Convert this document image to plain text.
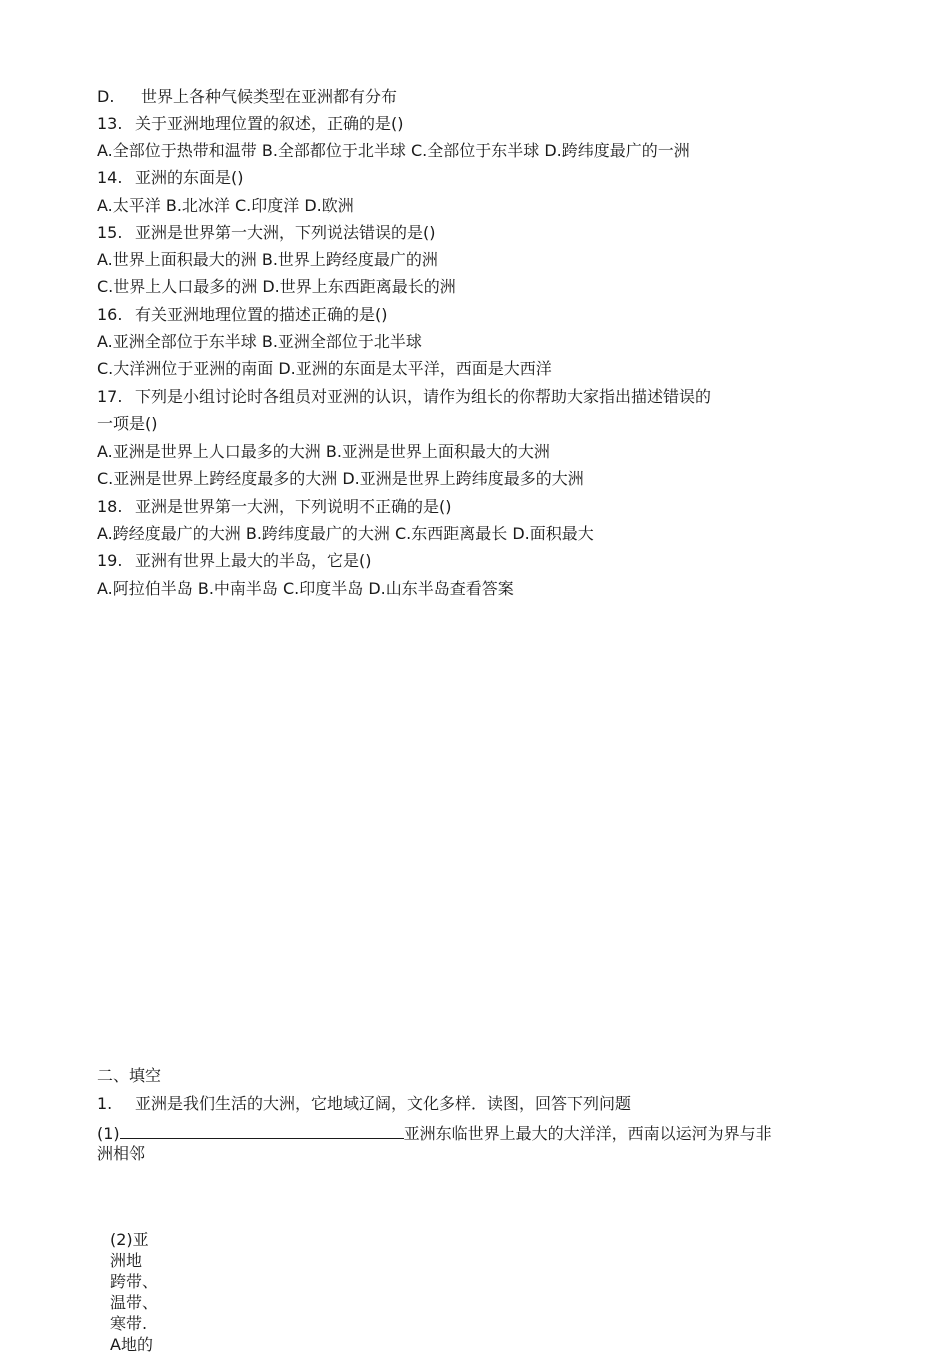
D. 世界上各种气候类型在亚洲都有分布
13. 关于亚洲地理位置的叙述，正确的是()
A.全部位于热带和温带 B.全部都位于北半球 C.全部位于东半球 D.跨纬度最广的一洲
14. 亚洲的东面是()
A.太平洋 B.北冰洋 C.印度洋 D.欧洲
15. 亚洲是世界第一大洲，下列说法错误的是()
A.世界上面积最大的洲 B.世界上跨经度最广的洲
C.世界上人口最多的洲 D.世界上东西距离最长的洲
16. 有关亚洲地理位置的描述正确的是()
A.亚洲全部位于东半球 B.亚洲全部位于北半球
C.大洋洲位于亚洲的南面 D.亚洲的东面是太平洋，西面是大西洋
17. 下列是小组讨论时各组员对亚洲的认识，请作为组长的你帮助大家指出描述错误的
一项是()
A.亚洲是世界上人口最多的大洲 B.亚洲是世界上面积最大的大洲
C.亚洲是世界上跨经度最多的大洲 D.亚洲是世界上跨纬度最多的大洲
18. 亚洲是世界第一大洲，下列说明不正确的是()
A.跨经度最广的大洲 B.跨纬度最广的大洲 C.东西距离最长 D.面积最大
19. 亚洲有世界上最大的半岛，它是()
A.阿拉伯半岛 B.中南半岛 C.印度半岛 D.山东半岛查看答案
二、填空
1. 亚洲是我们生活的大洲，它地域辽阔，文化多样．读图，回答下列问题
(1)	亚洲东临世界上最大的大洋洋，西南以运河为界与非
洲相邻
(2)亚
洲地
跨带、
温带、
寒带.
A地的
